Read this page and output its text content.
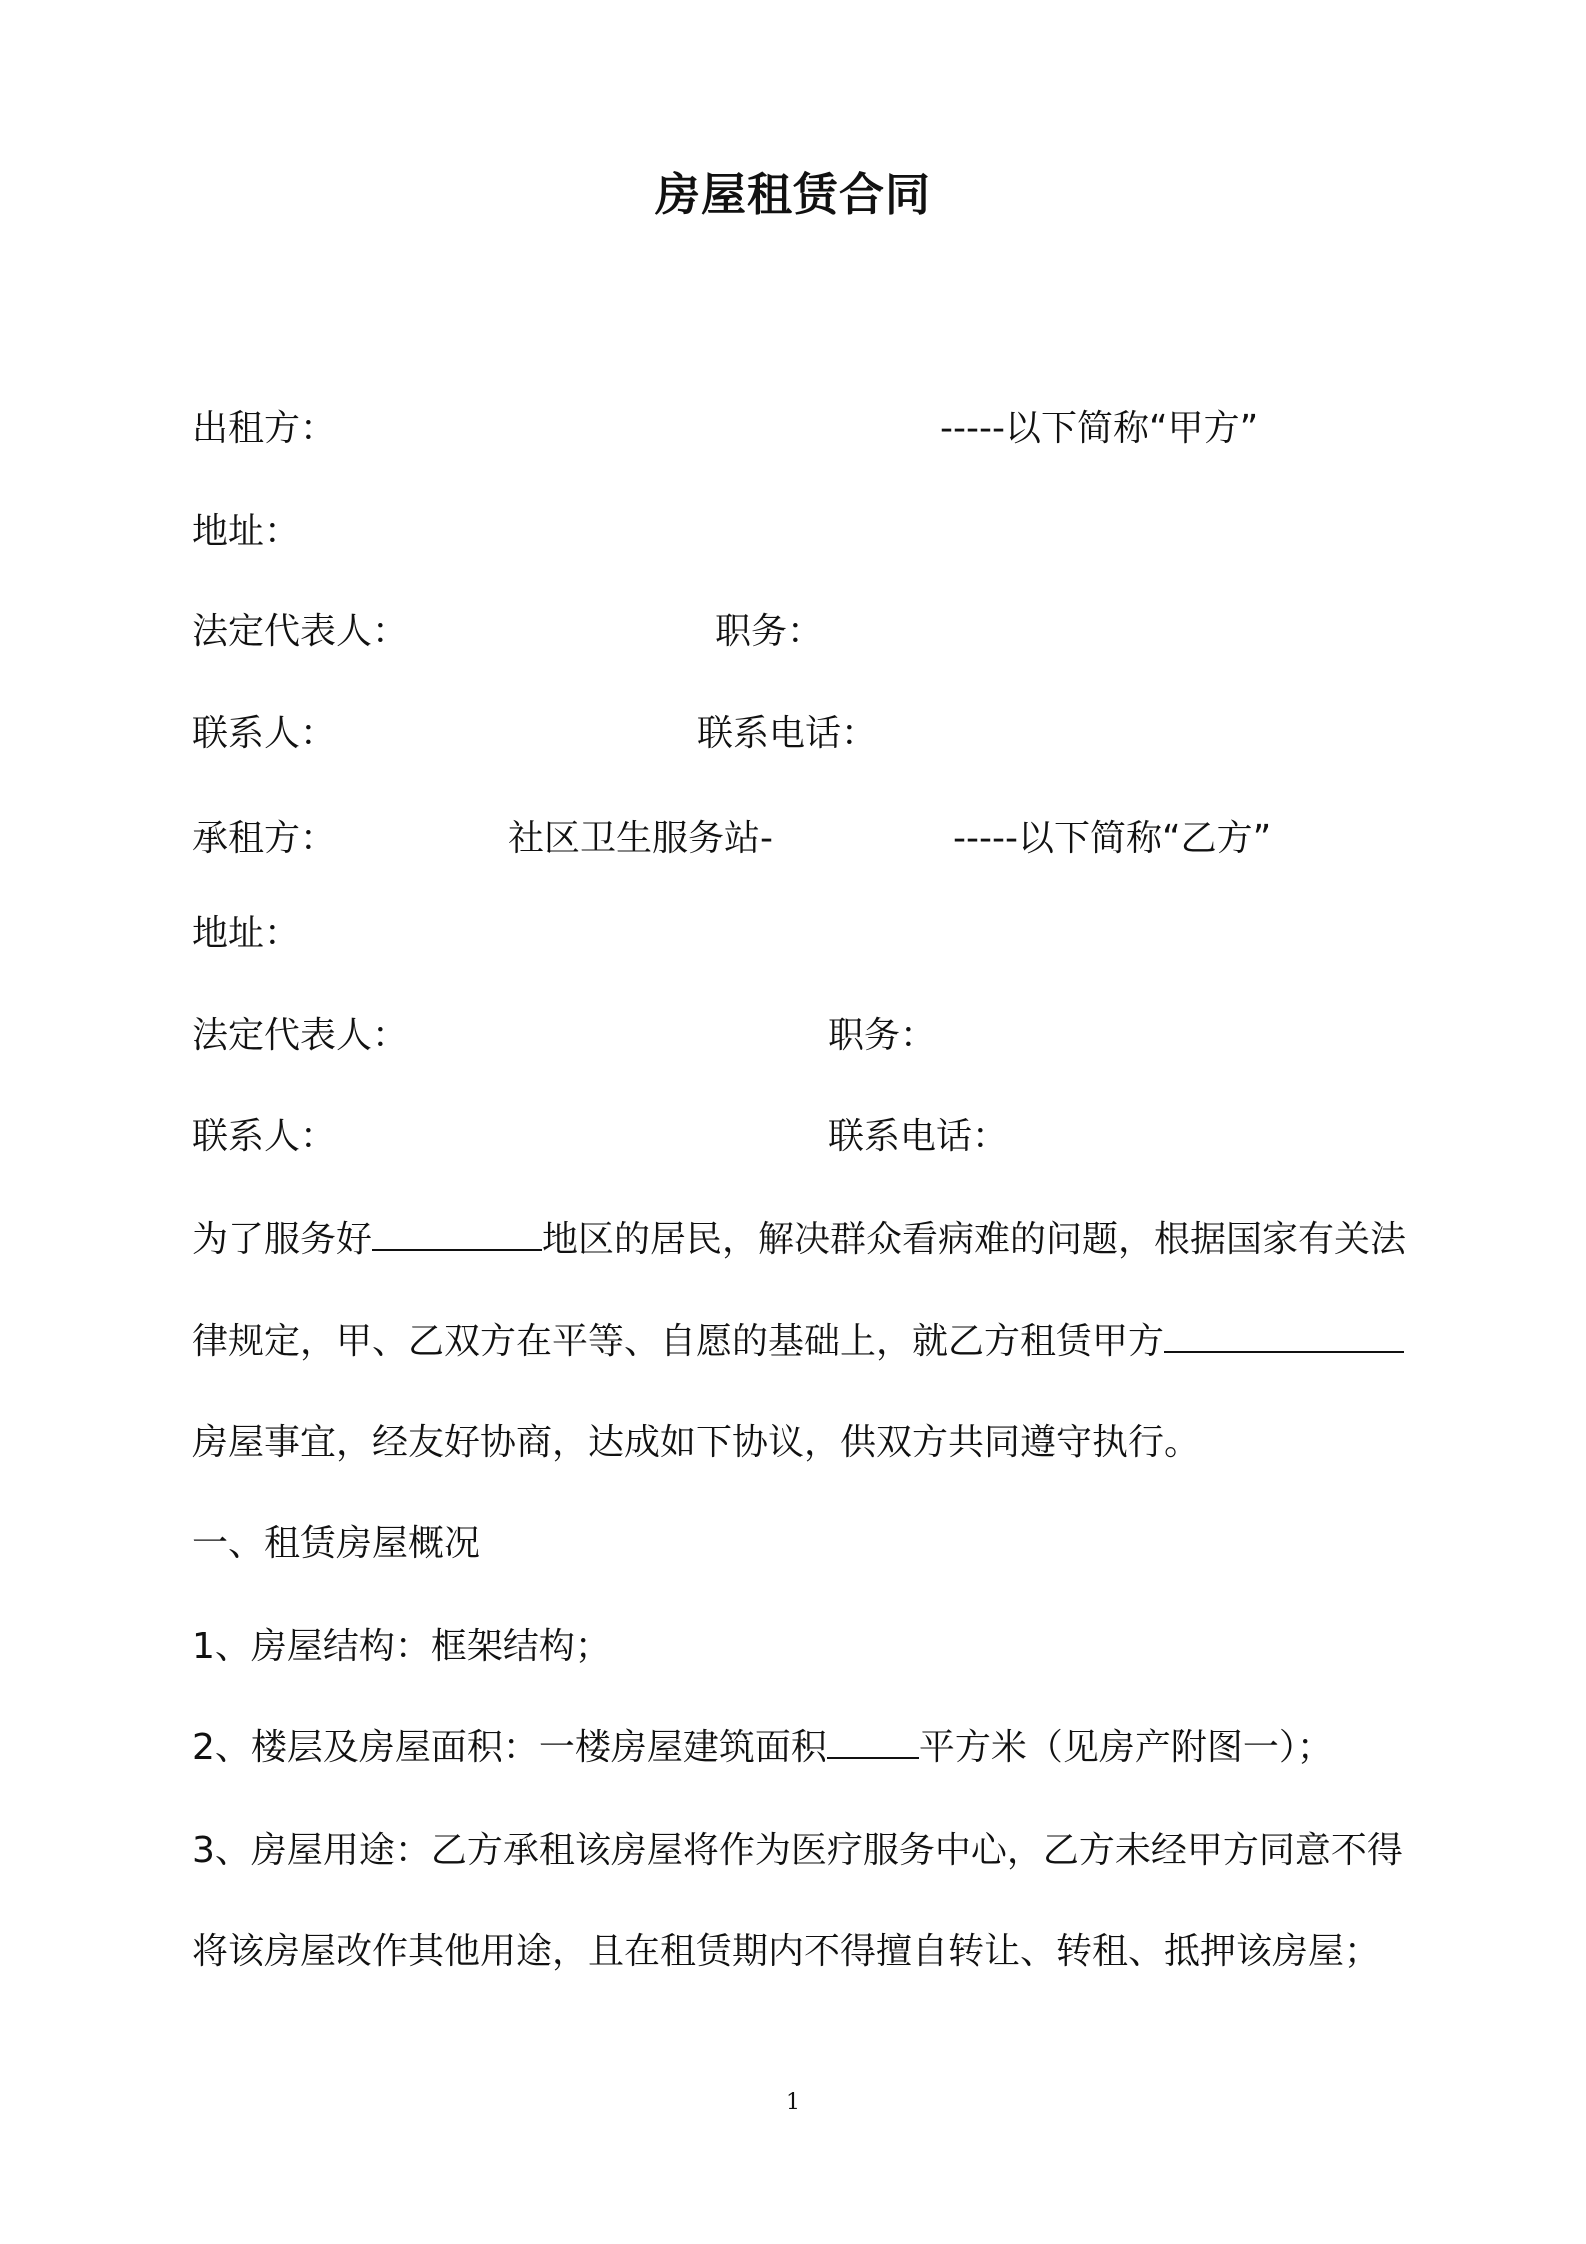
房屋租赁合同
出租方：	-----以下简称“甲方”
地址：
法定代表人：	职务：
联系人：	联系电话：
承租方：	社区卫生服务站-	-----以下简称“乙方”
地址：
法定代表人：	职务：
联系人：	联系电话：
为了服务好	地区的居民，解决群众看病难的问题，根据国家有关法
律规定，甲、乙双方在平等、自愿的基础上，就乙方租赁甲方
房屋事宜，经友好协商，达成如下协议，供双方共同遵守执行。
一、租赁房屋概况
1、房屋结构：框架结构；
2、楼层及房屋面积：一楼房屋建筑面积	平方米（见房产附图一）；
3、房屋用途：乙方承租该房屋将作为医疗服务中心，乙方未经甲方同意不得
将该房屋改作其他用途，且在租赁期内不得擅自转让、转租、抵押该房屋；
1
